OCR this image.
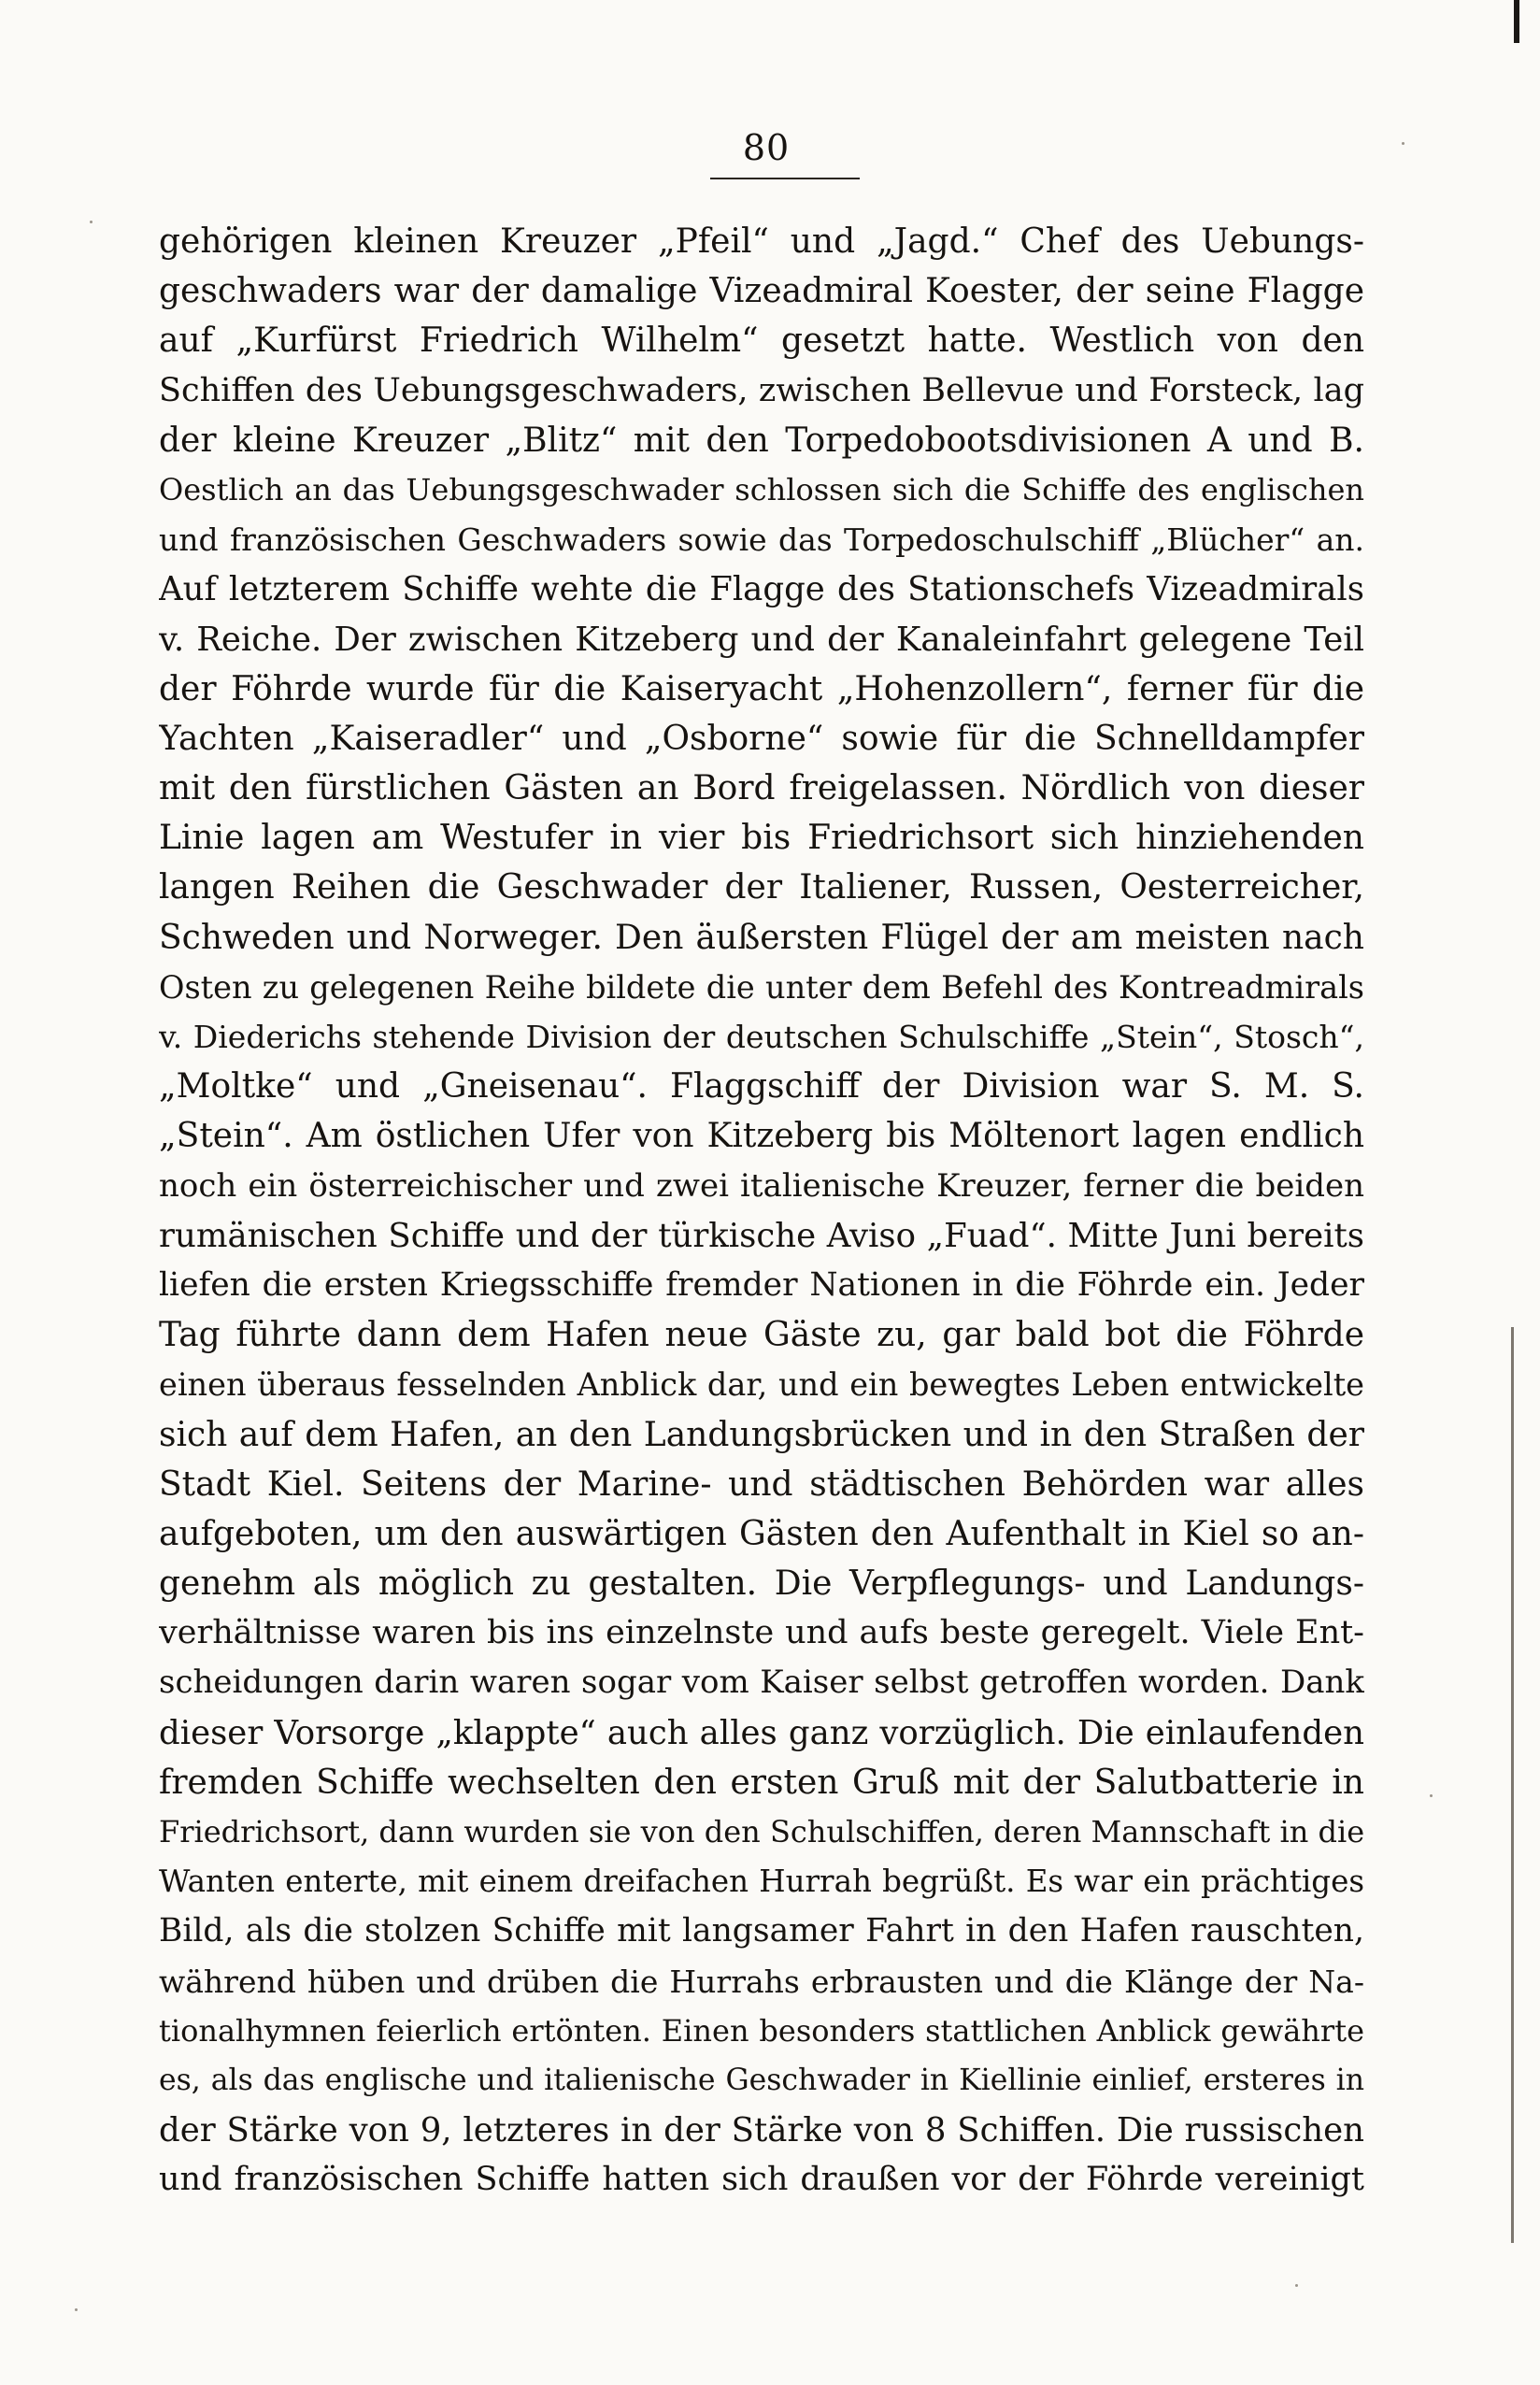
80
gehörigen kleinen Kreuzer „Pfeil“ und „Jagd.“ Chef des Uebungs-
geschwaders war der damalige Vizeadmiral Koester, der seine Flagge
auf „Kurfürst Friedrich Wilhelm“ gesetzt hatte. Westlich von den
Schiffen des Uebungsgeschwaders, zwischen Bellevue und Forsteck, lag
der kleine Kreuzer „Blitz“ mit den Torpedobootsdivisionen A und B.
Oestlich an das Uebungsgeschwader schlossen sich die Schiffe des englischen
und französischen Geschwaders sowie das Torpedoschulschiff „Blücher“ an.
Auf letzterem Schiffe wehte die Flagge des Stationschefs Vizeadmirals
v. Reiche. Der zwischen Kitzeberg und der Kanaleinfahrt gelegene Teil
der Föhrde wurde für die Kaiseryacht „Hohenzollern“, ferner für die
Yachten „Kaiseradler“ und „Osborne“ sowie für die Schnelldampfer
mit den fürstlichen Gästen an Bord freigelassen. Nördlich von dieser
Linie lagen am Westufer in vier bis Friedrichsort sich hinziehenden
langen Reihen die Geschwader der Italiener, Russen, Oesterreicher,
Schweden und Norweger. Den äußersten Flügel der am meisten nach
Osten zu gelegenen Reihe bildete die unter dem Befehl des Kontreadmirals
v. Diederichs stehende Division der deutschen Schulschiffe „Stein“, Stosch“,
„Moltke“ und „Gneisenau“. Flaggschiff der Division war S. M. S.
„Stein“. Am östlichen Ufer von Kitzeberg bis Möltenort lagen endlich
noch ein österreichischer und zwei italienische Kreuzer, ferner die beiden
rumänischen Schiffe und der türkische Aviso „Fuad“. Mitte Juni bereits
liefen die ersten Kriegsschiffe fremder Nationen in die Föhrde ein. Jeder
Tag führte dann dem Hafen neue Gäste zu, gar bald bot die Föhrde
einen überaus fesselnden Anblick dar, und ein bewegtes Leben entwickelte
sich auf dem Hafen, an den Landungsbrücken und in den Straßen der
Stadt Kiel. Seitens der Marine- und städtischen Behörden war alles
aufgeboten, um den auswärtigen Gästen den Aufenthalt in Kiel so an-
genehm als möglich zu gestalten. Die Verpflegungs- und Landungs-
verhältnisse waren bis ins einzelnste und aufs beste geregelt. Viele Ent-
scheidungen darin waren sogar vom Kaiser selbst getroffen worden. Dank
dieser Vorsorge „klappte“ auch alles ganz vorzüglich. Die einlaufenden
fremden Schiffe wechselten den ersten Gruß mit der Salutbatterie in
Friedrichsort, dann wurden sie von den Schulschiffen, deren Mannschaft in die
Wanten enterte, mit einem dreifachen Hurrah begrüßt. Es war ein prächtiges
Bild, als die stolzen Schiffe mit langsamer Fahrt in den Hafen rauschten,
während hüben und drüben die Hurrahs erbrausten und die Klänge der Na-
tionalhymnen feierlich ertönten. Einen besonders stattlichen Anblick gewährte
es, als das englische und italienische Geschwader in Kiellinie einlief, ersteres in
der Stärke von 9, letzteres in der Stärke von 8 Schiffen. Die russischen
und französischen Schiffe hatten sich draußen vor der Föhrde vereinigt
